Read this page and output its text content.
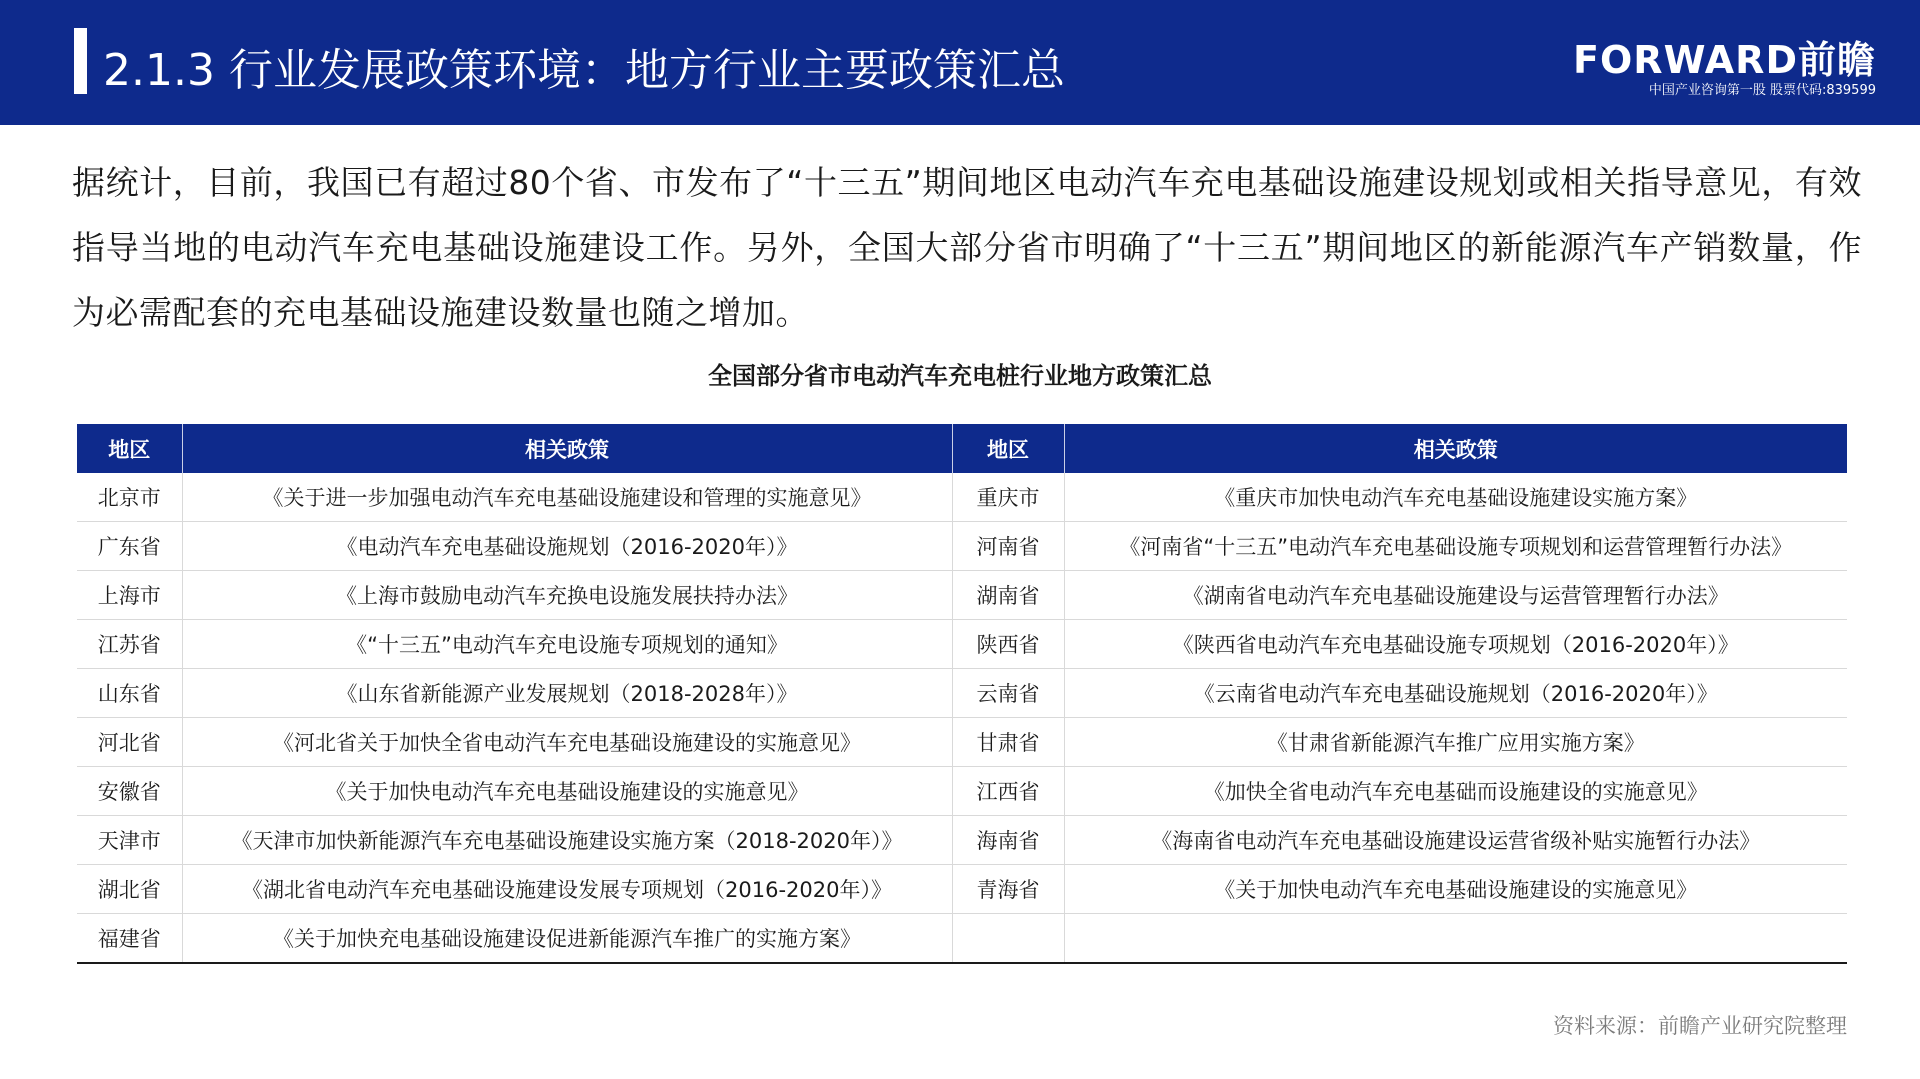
2.1.3 行业发展政策环境：地方行业主要政策汇总	FORWARD前瞻
中国产业咨询第一股 股票代码:839599
据统计，目前，我国已有超过80个省、市发布了“十三五”期间地区电动汽车充电基础设施建设规划或相关指导意见，有效指导当地的电动汽车充电基础设施建设工作。另外，全国大部分省市明确了“十三五”期间地区的新能源汽车产销数量，作为必需配套的充电基础设施建设数量也随之增加。
全国部分省市电动汽车充电桩行业地方政策汇总
地区	相关政策	地区	相关政策
北京市	《关于进一步加强电动汽车充电基础设施建设和管理的实施意见》	重庆市	《重庆市加快电动汽车充电基础设施建设实施方案》
广东省	《电动汽车充电基础设施规划（2016-2020年）》	河南省	《河南省“十三五”电动汽车充电基础设施专项规划和运营管理暂行办法》
上海市	《上海市鼓励电动汽车充换电设施发展扶持办法》	湖南省	《湖南省电动汽车充电基础设施建设与运营管理暂行办法》
江苏省	《“十三五”电动汽车充电设施专项规划的通知》	陕西省	《陕西省电动汽车充电基础设施专项规划（2016-2020年）》
山东省	《山东省新能源产业发展规划（2018-2028年）》	云南省	《云南省电动汽车充电基础设施规划（2016-2020年）》
河北省	《河北省关于加快全省电动汽车充电基础设施建设的实施意见》	甘肃省	《甘肃省新能源汽车推广应用实施方案》
安徽省	《关于加快电动汽车充电基础设施建设的实施意见》	江西省	《加快全省电动汽车充电基础而设施建设的实施意见》
天津市	《天津市加快新能源汽车充电基础设施建设实施方案（2018-2020年）》	海南省	《海南省电动汽车充电基础设施建设运营省级补贴实施暂行办法》
湖北省	《湖北省电动汽车充电基础设施建设发展专项规划（2016-2020年）》	青海省	《关于加快电动汽车充电基础设施建设的实施意见》
福建省	《关于加快充电基础设施建设促进新能源汽车推广的实施方案》		
资料来源：前瞻产业研究院整理
